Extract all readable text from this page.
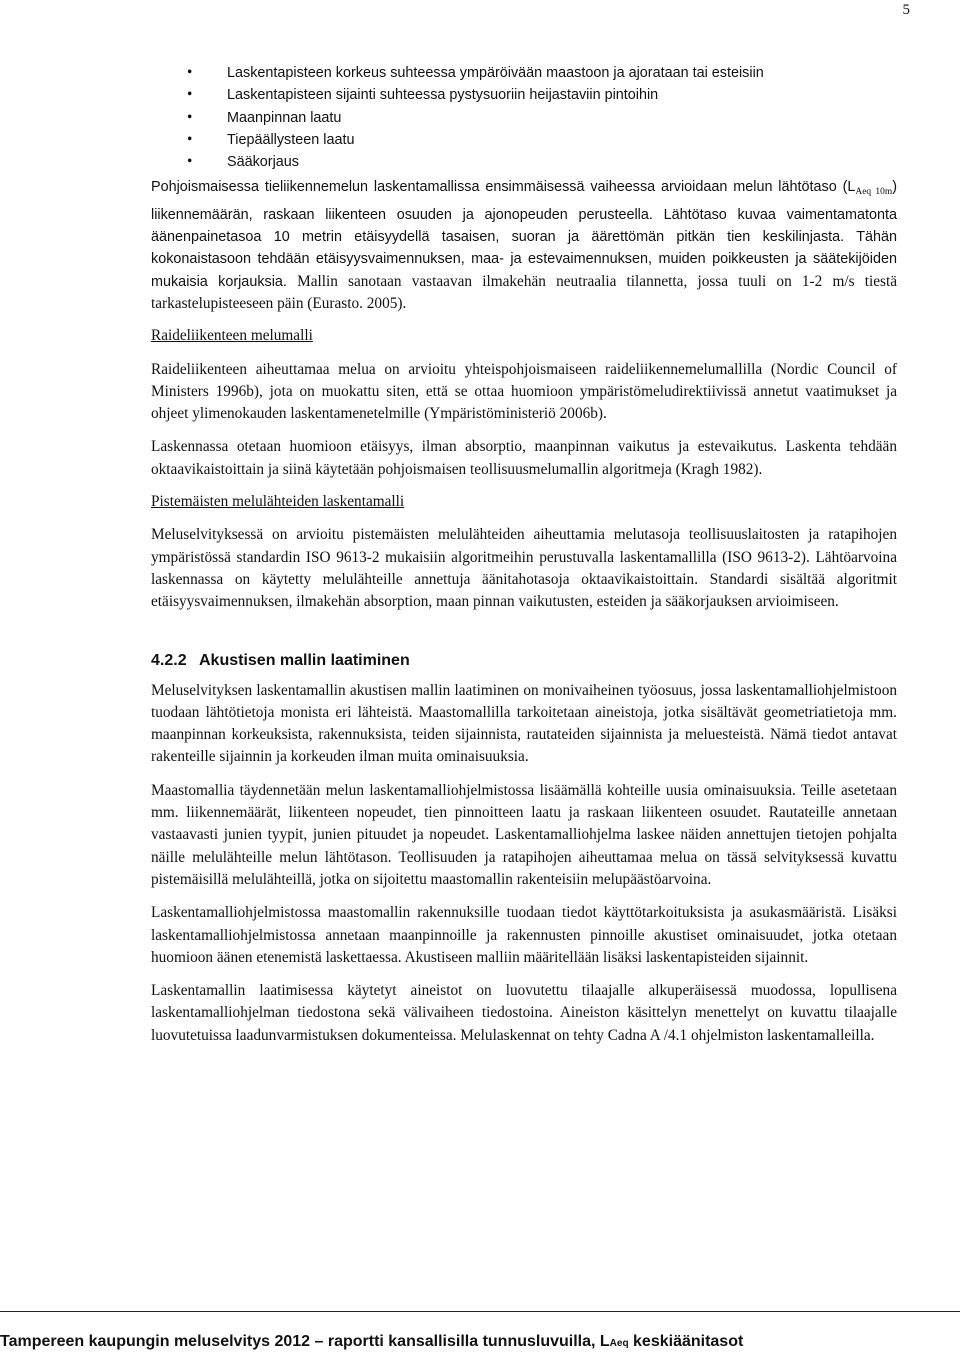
5
• Laskentapisteen korkeus suhteessa ympäröivään maastoon ja ajorataan tai esteisiin
• Laskentapisteen sijainti suhteessa pystysuoriin heijastaviin pintoihin
• Maanpinnan laatu
• Tiepäällysteen laatu
• Sääkorjaus

Pohjoismaisessa tieliikennemelun laskentamallissa ensimmäisessä vaiheessa arvioidaan melun lähtötaso $(L_{Aeq 10m})$ liikennemäärän, raskaan liikenteen osuuden ja ajonopeuden perusteella. Lähtötaso kuvaa vaimentamatonta äänenpainetasoa 10 metrin etäisyydellä tasaisen, suoran ja äärettömän pitkän tien keskilinjasta. Tähän kokonaistasoon tehdään etäisyysvaimennuksen, maa- ja estevaimennuksen, muiden poikkeusten ja säätekijöiden mukaisia korjauksia. Mallin sanotaan vastaavan ilmakehän neutraalia tilannetta, jossa tuuli on 1-2 m/s tiestä tarkastelupisteeseen päin (Eurasto. 2005).

Raideliikenteen melumalli

Raideliikenteen aiheuttamaa melua on arvioitu yhteispohjoismaiseen raideliikennemelumallilla (Nordic Council of Ministers 1996b), jota on muokattu siten, että se ottaa huomioon ympäristömeludirektiivissä annetut vaatimukset ja ohjeet ylimenokauden laskentamenetelmille (Ympäristöministeriö 2006b).

Laskennassa otetaan huomioon etäisyys, ilman absorptio, maanpinnan vaikutus ja estevaikutus. Laskenta tehdään oktaavikaistoittain ja siinä käytetään pohjoismaisen teollisuusmelumallin algoritmeja (Kragh 1982).

Pistemäisten melulähteiden laskentamalli

Meluselvityksessä on arvioitu pistemäisten melulähteiden aiheuttamia melutasoja teollisuuslaitosten ja ratapihojen ympäristössä standardin ISO 9613-2 mukaisiin algoritmeihin perustuvalla laskentamallilla (ISO 9613-2). Lähtöarvoina laskennassa on käytetty melulähteille annettuja äänitahotasoja oktaavikaistoittain. Standardi sisältää algoritmit etäisyysvaimennuksen, ilmakehän absorption, maan pinnan vaikutusten, esteiden ja sääkorjauksen arvioimiseen.

4.2.2 Akustisen mallin laatiminen

Meluselvityksen laskentamallin akustisen mallin laatiminen on monivaiheinen työosuus, jossa laskentamalliohjelmistoon tuodaan lähtötietoja monista eri lähteistä. Maastomallilla tarkoitetaan aineistoja, jotka sisältävät geometriatietoja mm. maanpinnan korkeuksista, rakennuksista, teiden sijainnista, rautateiden sijainnista ja meluesteistä. Nämä tiedot antavat rakenteille sijainnin ja korkeuden ilman muita ominaisuuksia.

Maastomallia täydennetään melun laskentamalliohjelmistossa lisäämällä kohteille uusia ominaisuuksia. Teille asetetaan mm. liikennemäärät, liikenteen nopeudet, tien pinnoitteen laatu ja raskaan liikenteen osuudet. Rautateille annetaan vastaavasti junien tyypit, junien pituudet ja nopeudet. Laskentamalliohjelma laskee näiden annettujen tietojen pohjalta näille melulähteille melun lähtötason. Teollisuuden ja ratapihojen aiheuttamaa melua on tässä selvityksessä kuvattu pistemäisillä melulähteillä, jotka on sijoitettu maastomallin rakenteisiin melupäästöarvoina.

Laskentamalliohjelmistossa maastomallin rakennuksille tuodaan tiedot käyttötarkoituksista ja asukasmääristä. Lisäksi laskentamalliohjelmistossa annetaan maanpinnoille ja rakennusten pinnoille akustiset ominaisuudet, jotka otetaan huomioon äänen etenemistä laskettaessa. Akustiseen malliin määritellään lisäksi laskentapisteiden sijainnit.

Laskentamallin laatimisessa käytetyt aineistot on luovutettu tilaajalle alkuperäisessä muodossa, lopullisena laskentamalliohjelman tiedostona sekä välivaiheen tiedostoina. Aineiston käsittelyn menettelyt on kuvattu tilaajalle luovutetuissa laadunvarmistuksen dokumenteissa. Melulaskennat on tehty Cadna A /4.1 ohjelmiston laskentamalleilla.

Tampereen kaupungin meluselvitys 2012 – raportti kansallisilla tunnusluvuilla, LAeq keskiäänitasot
